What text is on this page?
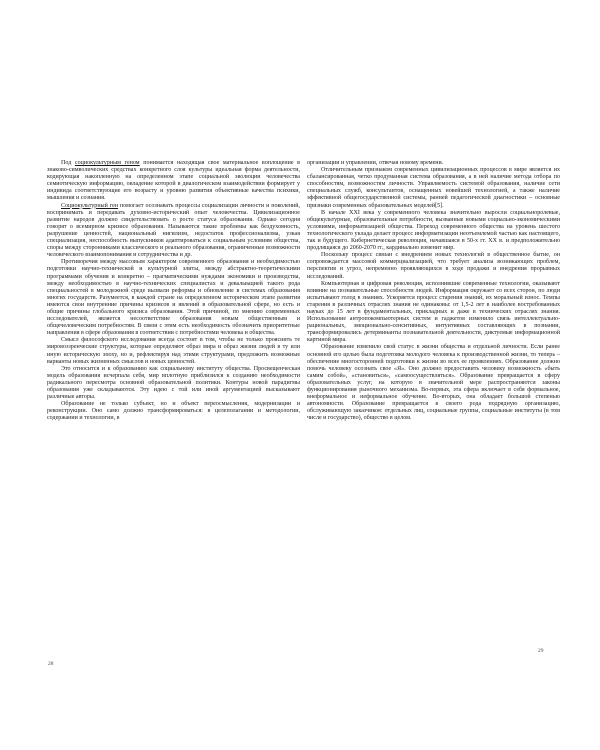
Под социокультурным геном понимается находящая свое материальное воплощение в знаково-символических средствах конкретного слоя культуры идеальная форма деятельности, кодирующая накопленную на определенном этапе социальной эволюции человечества семиотическую информацию, овладение которой в диалогическом взаимодействии формирует у индивида соответствующие его возрасту и уровню развития объективные качества психики, мышления и сознания.

Социокультурный ген помогает осознавать процессы социализации личности и поколений, воспринимать и передавать духовно-исторический опыт человечества. Цивилизационное развитие народов должно свидетельствовать о росте статуса образования. Однако сегодня говорят о всемирном кризисе образования. Называются такие проблемы как бездуховность, разрушение ценностей, национальный нигилизм, недостаток профессионализма, узкая специализация, неспособность выпускников адаптироваться к социальным условиям общества, споры между сторонниками классического и реального образования, ограниченные возможности человеческого взаимопонимания и сотрудничества и др.

Противоречия между массовым характером современного образования и необходимостью подготовки научно-технической и культурной элиты, между абстрактно-теоретическими программами обучения и конкретно – прагматическими нуждами экономики и производства, между необходимостью в научно-технических специалистах и девальвацией такого рода специальностей в молодежной среде вызвали реформы и обновление в системах образования многих государств. Разумеется, в каждой стране на определенном историческом этапе развития имеются свои внутренние причины кризисов и явлений в образовательной сфере, но есть и общие причины глобального кризиса образования. Этой причиной, по мнению современных исследователей, является несоответствие образования новым общественным и общечеловеческим потребностям. В связи с этим есть необходимость обозначить приоритетные направления в сфере образования в соответствии с потребностями человека и общества.

Смысл философского исследования всегда состоит в том, чтобы не только прояснить те мировоззренческие структуры, которые определяют образ мира и образ жизни людей в ту или иную историческую эпоху, но и, рефлектируя над этими структурами, предложить возможные варианты новых жизненных смыслов и новых ценностей.

Это относится и к образованию как социальному институту общества. Просвещенческая модель образования исчерпала себя, мир вплотную приблизился к созданию необходимости радикального пересмотра основной образовательной политики. Контуры новой парадигмы образования уже складываются. Эту идею с той или иной аргументацией высказывают различные авторы.

Образование не только субъект, но и объект переосмысления, модернизации и реконструкции. Оно само должно трансформироваться: в целеполагании и методологии, содержании и технологии, в

28

организации и управлении, отвечая новому времени.

Отличительным признаком современных цивилизационных процессов в мире является их сбалансированная, четко продуманная система образования, а в ней наличие метода отбора по способностям, возможностям личности. Управляемость системой образования, наличие сети специальных служб, консультантов, оснащенных новейшей технологией, а также наличие эффективной общегосударственной системы, ранней педагогической диагностики – основные признаки современных образовательных моделей[5].

В начале XXI века у современного человека значительно выросли социальноролевые, общекультурные, образовательные потребности, вызванные новыми социально-экономическими условиями, информатизацией общества. Переход современного общества на уровень шестого технологического уклада делает процесс информатизации неотъемлемой частью как настоящего, так и будущего. Кибернетическая революция, начавшаяся в 50-х гг. XX в. и предположительно продлящаяся до 2060-2070 гг., кардинально изменит мир.

Поскольку процесс связан с внедрением новых технологий в общественное бытие, он сопровождается массовой коммерциализацией, что требует анализа возникающих проблем, перспектив и угроз, непременно проявляющихся в ходе продажи и внедрения прорывных исследований.

Компьютерная и цифровая революция, исполнившие современные технологии, оказывают влияние на познавательные способности людей. Информация окружает со всех сторон, по люди испытывают голод в знаниях. Ускоряется процесс старения знаний, их моральный износ. Темпы старения в различных отраслях знания не одинаковы: от 1,5-2 лет в наиболее востребованных науках до 15 лет в фундаментальных, прикладных и даже в технических отраслях знания. Использование антропокомпьютерных систем и гаджетов изменило связь интеллектуально-рациональных, эмоционально-сенситивных, интуитивных составляющих в познании, трансформировались детерминанты познавательной деятельности, диктуемые информационной картиной мира.

Образование изменило свой статус в жизни общества и отдельной личности. Если ранее основной его целью была подготовка молодого человека к производственной жизни, то теперь – обеспечение многосторонней подготовки к жизни во всех ее проявлениях. Образование должно помочь человеку осознать свое «Я». Оно должно предоставить человеку возможность «быть самим собой», «становиться», «самоосуществляться». Образование превращается в сферу образовательных услуг, на которую в значительной мере распространяются законы функционирования рыночного механизма. Во-первых, эта сфера включает в себя формальное, внеформальное и неформальное обучение. Во-вторых, она обладает большой степенью автономности. Образование превращается в своего рода подрядную организацию, обслуживающую заказчиков: отдельных лиц, социальные группы, социальные институты (в том числе и государство), общество в целом.

29
